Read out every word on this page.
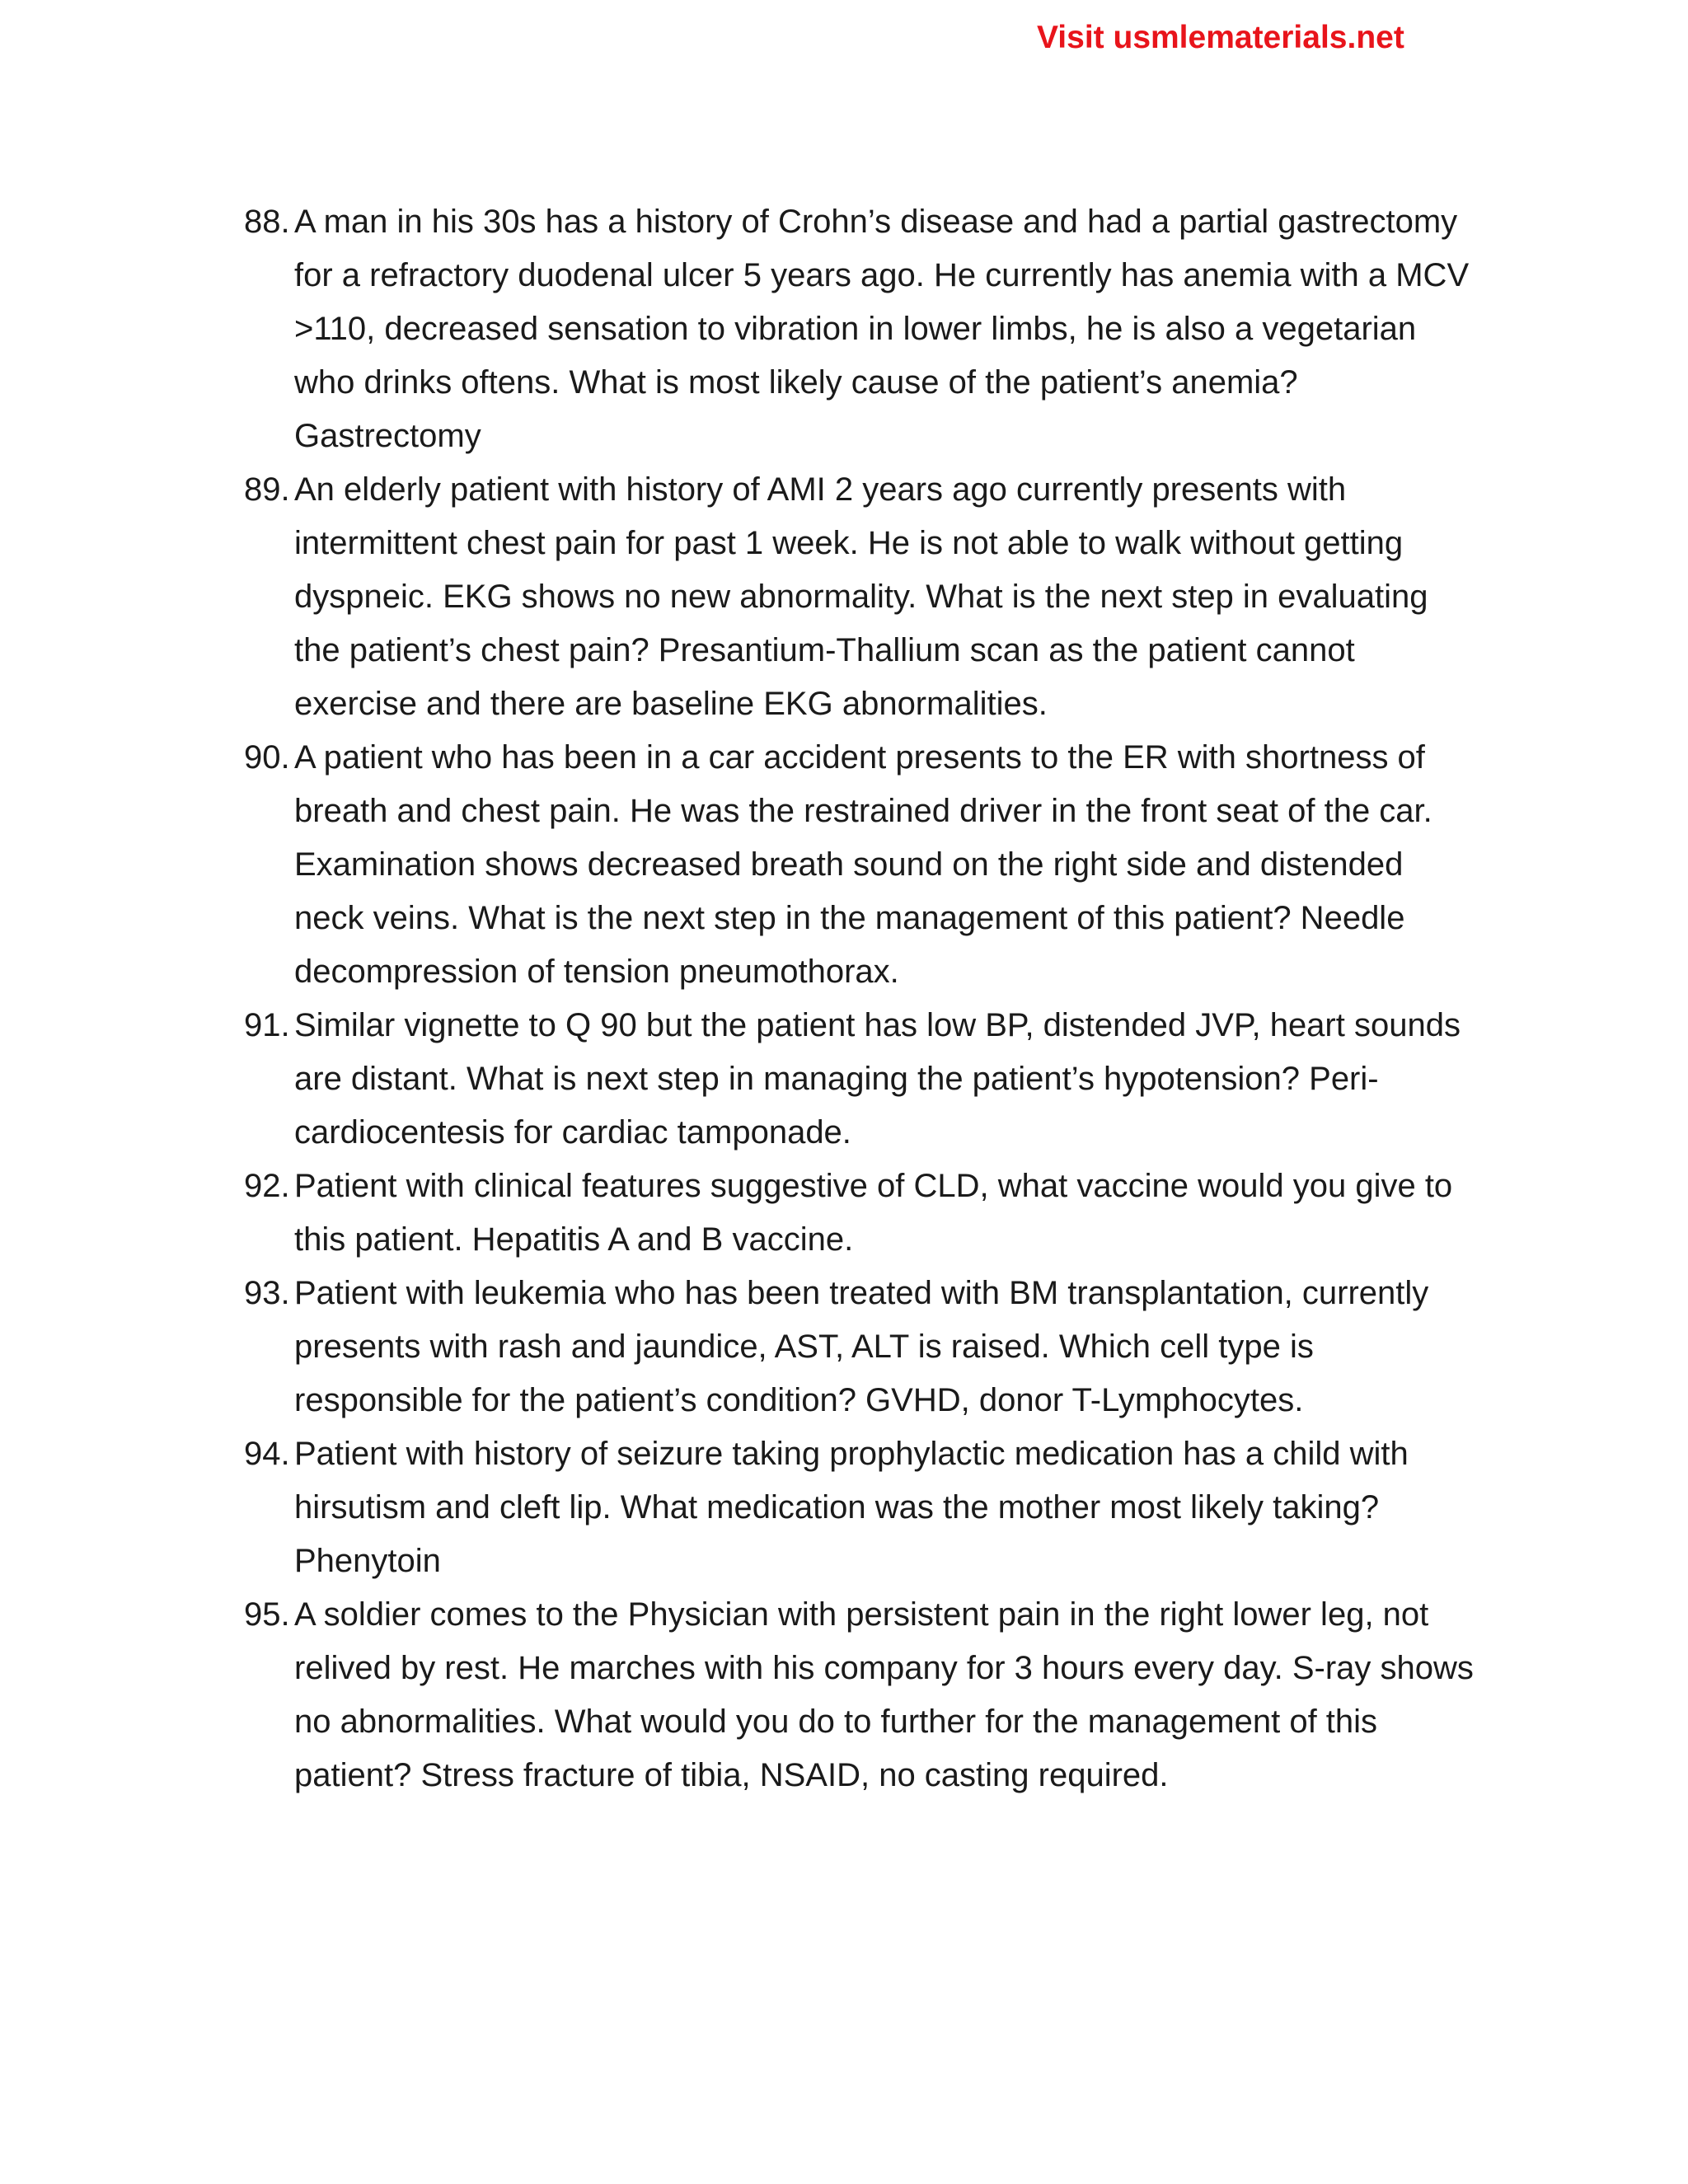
Visit usmlematerials.net
88. A man in his 30s has a history of Crohn’s disease and had a partial gastrectomy for a refractory duodenal ulcer 5 years ago. He currently has anemia with a MCV >110, decreased sensation to vibration in lower limbs, he is also a vegetarian who drinks oftens. What is most likely cause of the patient’s anemia? Gastrectomy
89. An elderly patient with history of AMI 2 years ago currently presents with intermittent chest pain for past 1 week. He is not able to walk without getting dyspneic. EKG shows no new abnormality. What is the next step in evaluating the patient’s chest pain? Presantium-Thallium scan as the patient cannot exercise and there are baseline EKG abnormalities.
90. A patient who has been in a car accident presents to the ER with shortness of breath and chest pain. He was the restrained driver in the front seat of the car. Examination shows decreased breath sound on the right side and distended neck veins. What is the next step in the management of this patient? Needle decompression of tension pneumothorax.
91. Similar vignette to Q 90 but the patient has low BP, distended JVP, heart sounds are distant. What is next step in managing the patient’s hypotension? Peri-cardiocentesis for cardiac tamponade.
92. Patient with clinical features suggestive of CLD, what vaccine would you give to this patient. Hepatitis A and B vaccine.
93. Patient with leukemia who has been treated with BM transplantation, currently presents with rash and jaundice, AST, ALT is raised. Which cell type is responsible for the patient’s condition? GVHD, donor T-Lymphocytes.
94. Patient with history of seizure taking prophylactic medication has a child with hirsutism and cleft lip. What medication was the mother most likely taking? Phenytoin
95. A soldier comes to the Physician with persistent pain in the right lower leg, not relived by rest. He marches with his company for 3 hours every day. S-ray shows no abnormalities. What would you do to further for the management of this patient? Stress fracture of tibia, NSAID, no casting required.
